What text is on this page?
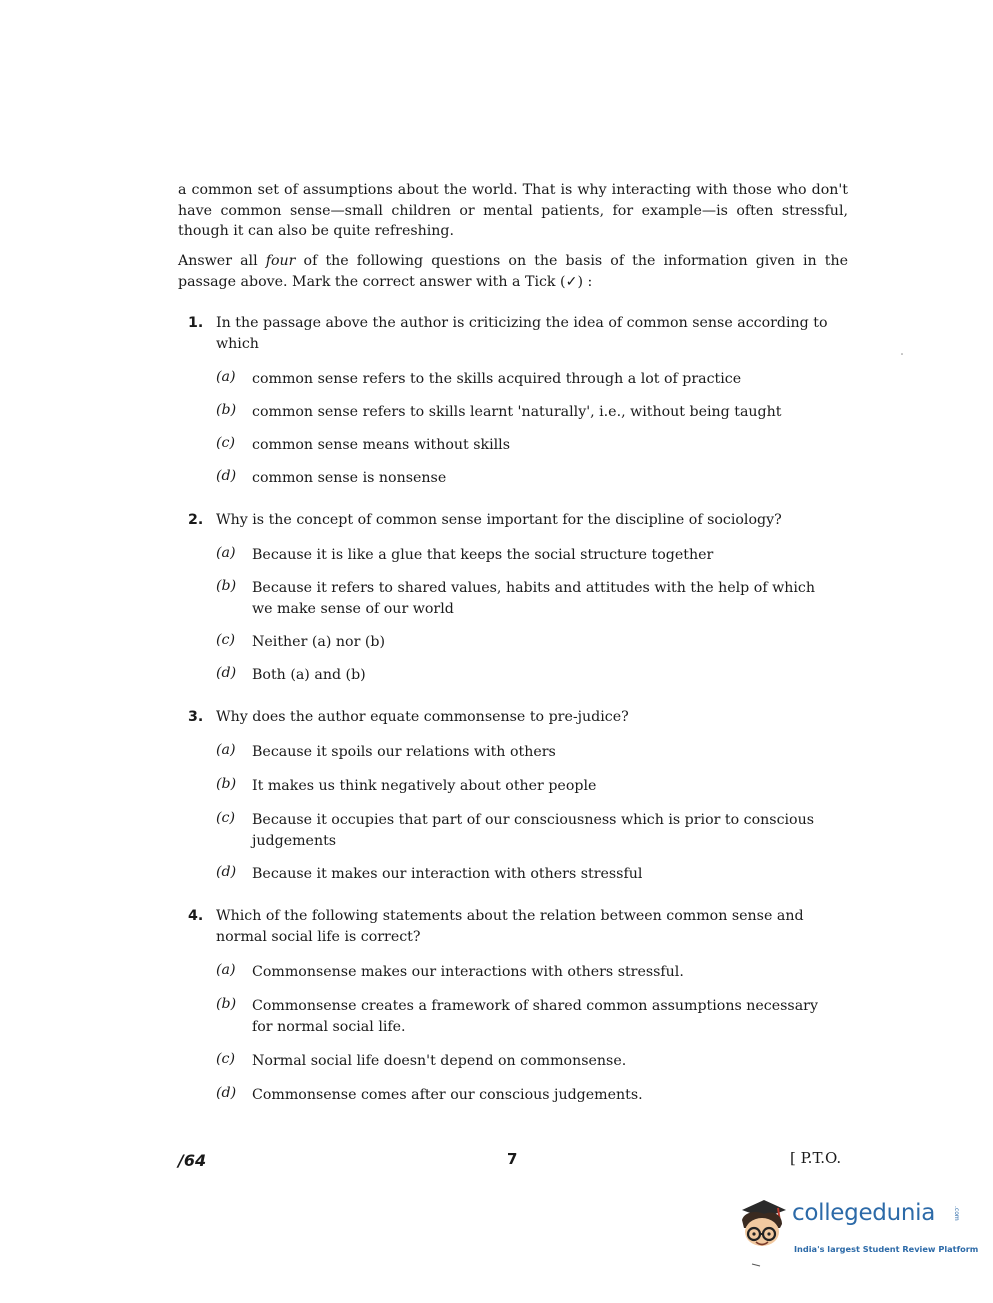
a common set of assumptions about the world. That is why interacting with those who don't have common sense—small children or mental patients, for example—is often stressful, though it can also be quite refreshing.
Answer all four of the following questions on the basis of the information given in the passage above. Mark the correct answer with a Tick (✓) :
1. In the passage above the author is criticizing the idea of common sense according to which
(a) common sense refers to the skills acquired through a lot of practice
(b) common sense refers to skills learnt 'naturally', i.e., without being taught
(c) common sense means without skills
(d) common sense is nonsense
2. Why is the concept of common sense important for the discipline of sociology?
(a) Because it is like a glue that keeps the social structure together
(b) Because it refers to shared values, habits and attitudes with the help of which we make sense of our world
(c) Neither (a) nor (b)
(d) Both (a) and (b)
3. Why does the author equate commonsense to pre-judice?
(a) Because it spoils our relations with others
(b) It makes us think negatively about other people
(c) Because it occupies that part of our consciousness which is prior to conscious judgements
(d) Because it makes our interaction with others stressful
4. Which of the following statements about the relation between common sense and normal social life is correct?
(a) Commonsense makes our interactions with others stressful.
(b) Commonsense creates a framework of shared common assumptions necessary for normal social life.
(c) Normal social life doesn't depend on commonsense.
(d) Commonsense comes after our conscious judgements.
/64	7	[ P.T.O.
collegedunia	.com
India's largest Student Review Platform
